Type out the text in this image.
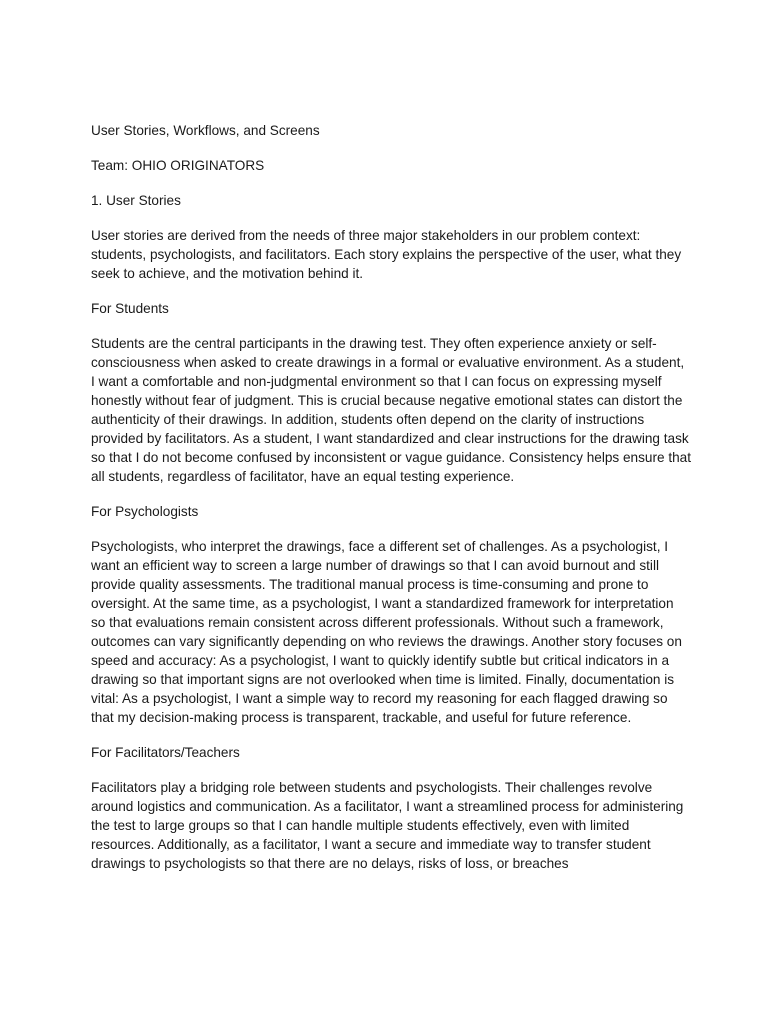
User Stories, Workflows, and Screens

Team: OHIO ORIGINATORS

1. User Stories

User stories are derived from the needs of three major stakeholders in our problem context: students, psychologists, and facilitators. Each story explains the perspective of the user, what they seek to achieve, and the motivation behind it.

For Students

Students are the central participants in the drawing test. They often experience anxiety or self-consciousness when asked to create drawings in a formal or evaluative environment. As a student, I want a comfortable and non-judgmental environment so that I can focus on expressing myself honestly without fear of judgment. This is crucial because negative emotional states can distort the authenticity of their drawings. In addition, students often depend on the clarity of instructions provided by facilitators. As a student, I want standardized and clear instructions for the drawing task so that I do not become confused by inconsistent or vague guidance. Consistency helps ensure that all students, regardless of facilitator, have an equal testing experience.

For Psychologists

Psychologists, who interpret the drawings, face a different set of challenges. As a psychologist, I want an efficient way to screen a large number of drawings so that I can avoid burnout and still provide quality assessments. The traditional manual process is time-consuming and prone to oversight. At the same time, as a psychologist, I want a standardized framework for interpretation so that evaluations remain consistent across different professionals. Without such a framework, outcomes can vary significantly depending on who reviews the drawings. Another story focuses on speed and accuracy: As a psychologist, I want to quickly identify subtle but critical indicators in a drawing so that important signs are not overlooked when time is limited. Finally, documentation is vital: As a psychologist, I want a simple way to record my reasoning for each flagged drawing so that my decision-making process is transparent, trackable, and useful for future reference.

For Facilitators/Teachers

Facilitators play a bridging role between students and psychologists. Their challenges revolve around logistics and communication. As a facilitator, I want a streamlined process for administering the test to large groups so that I can handle multiple students effectively, even with limited resources. Additionally, as a facilitator, I want a secure and immediate way to transfer student drawings to psychologists so that there are no delays, risks of loss, or breaches
